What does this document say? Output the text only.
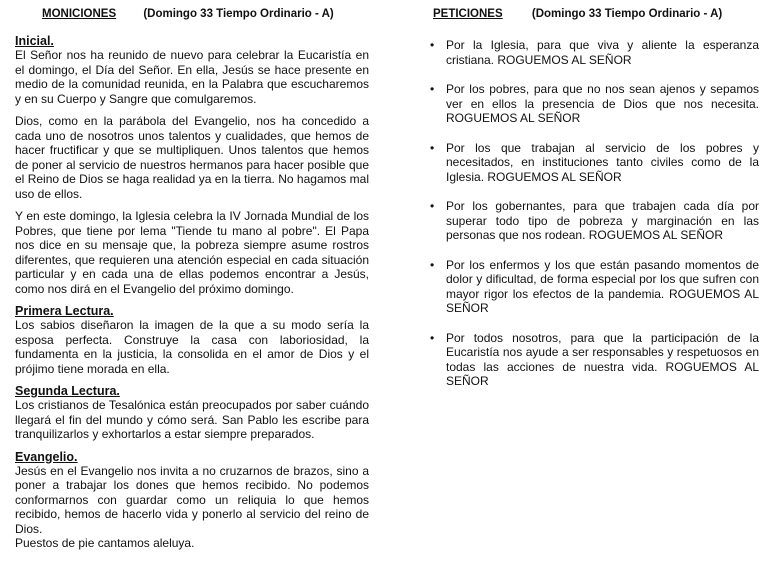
MONICIONES (Domingo 33 Tiempo Ordinario - A)
Inicial.

El Señor nos ha reunido de nuevo para celebrar la Eucaristía en el domingo, el Día del Señor. En ella, Jesús se hace presente en medio de la comunidad reunida, en la Palabra que escucharemos y en su Cuerpo y Sangre que comulgaremos.

Dios, como en la parábola del Evangelio, nos ha concedido a cada uno de nosotros unos talentos y cualidades, que hemos de hacer fructificar y que se multipliquen. Unos talentos que hemos de poner al servicio de nuestros hermanos para hacer posible que el Reino de Dios se haga realidad ya en la tierra. No hagamos mal uso de ellos.

Y en este domingo, la Iglesia celebra la IV Jornada Mundial de los Pobres, que tiene por lema "Tiende tu mano al pobre". El Papa nos dice en su mensaje que, la pobreza siempre asume rostros diferentes, que requieren una atención especial en cada situación particular y en cada una de ellas podemos encontrar a Jesús, como nos dirá en el Evangelio del próximo domingo.

Primera Lectura.

Los sabios diseñaron la imagen de la que a su modo sería la esposa perfecta. Construye la casa con laboriosidad, la fundamenta en la justicia, la consolida en el amor de Dios y el prójimo tiene morada en ella.

Segunda Lectura.

Los cristianos de Tesalónica están preocupados por saber cuándo llegará el fin del mundo y cómo será. San Pablo les escribe para tranquilizarlos y exhortarlos a estar siempre preparados.

Evangelio.

Jesús en el Evangelio nos invita a no cruzarnos de brazos, sino a poner a trabajar los dones que hemos recibido. No podemos conformarnos con guardar como un reliquia lo que hemos recibido, hemos de hacerlo vida y ponerlo al servicio del reino de Dios.

Puestos de pie cantamos aleluya.

PETICIONES	(Domingo 33 Tiempo Ordinario - A)
• Por la Iglesia, para que viva y aliente la esperanza cristiana. ROGUEMOS AL SEÑOR
• Por los pobres, para que no nos sean ajenos y sepamos ver en ellos la presencia de Dios que nos necesita. ROGUEMOS AL SEÑOR
• Por los que trabajan al servicio de los pobres y necesitados, en instituciones tanto civiles como de la Iglesia. ROGUEMOS AL SEÑOR
• Por los gobernantes, para que trabajen cada día por superar todo tipo de pobreza y marginación en las personas que nos rodean. ROGUEMOS AL SEÑOR
• Por los enfermos y los que están pasando momentos de dolor y dificultad, de forma especial por los que sufren con mayor rigor los efectos de la pandemia. ROGUEMOS AL SEÑOR
• Por todos nosotros, para que la participación de la Eucaristía nos ayude a ser responsables y respetuosos en todas las acciones de nuestra vida. ROGUEMOS AL SEÑOR
